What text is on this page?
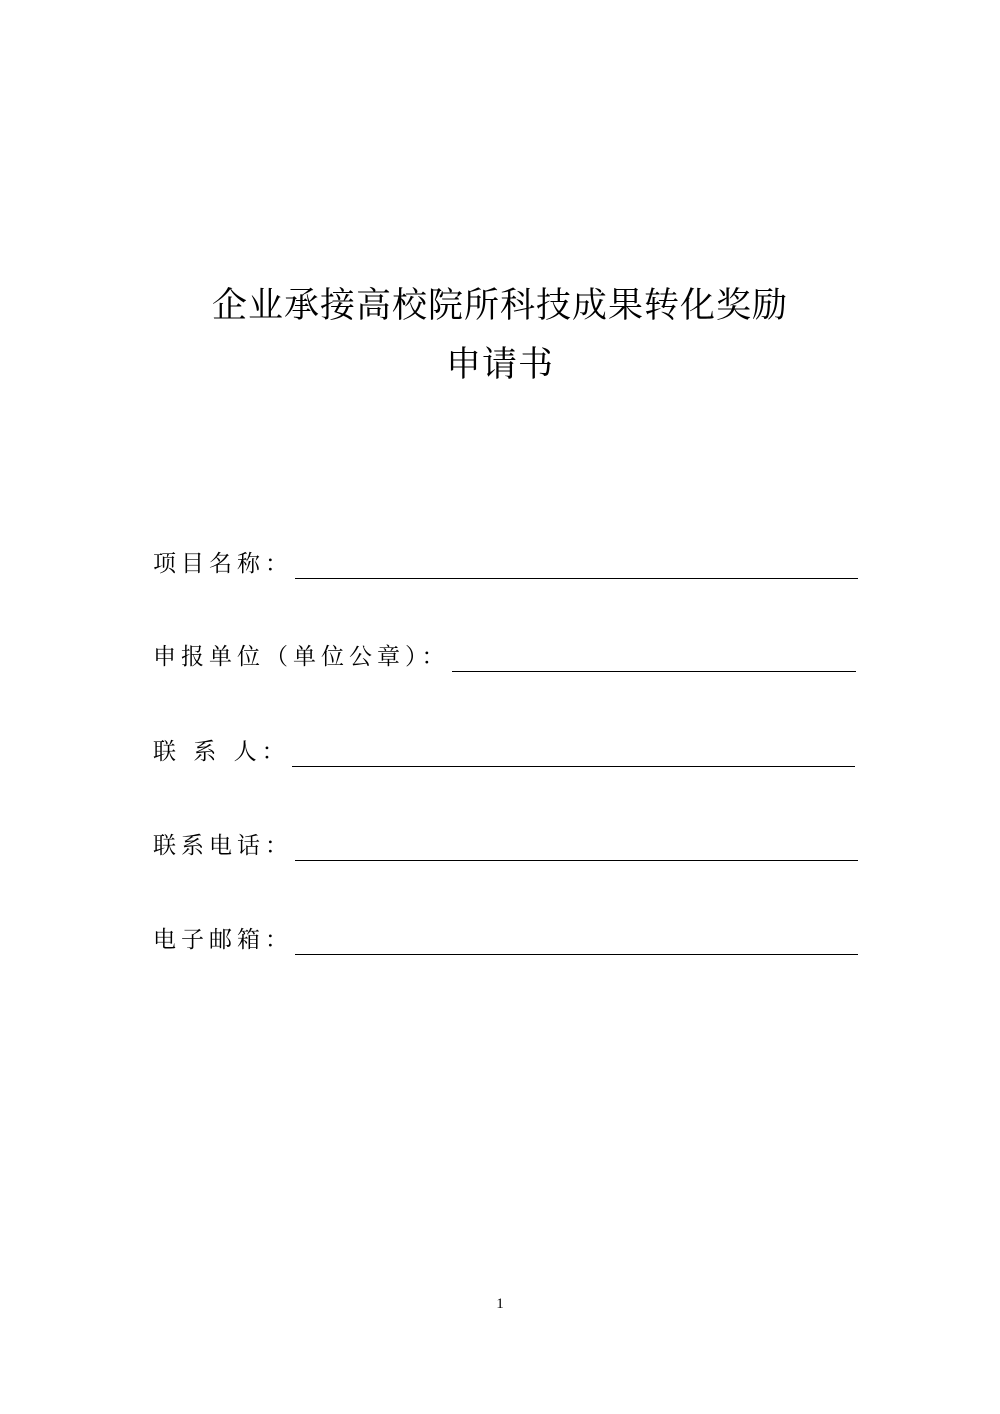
企业承接高校院所科技成果转化奖励
申请书
项目名称：
申报单位（单位公章）：
联 系 人：
联系电话：
电子邮箱：
1
